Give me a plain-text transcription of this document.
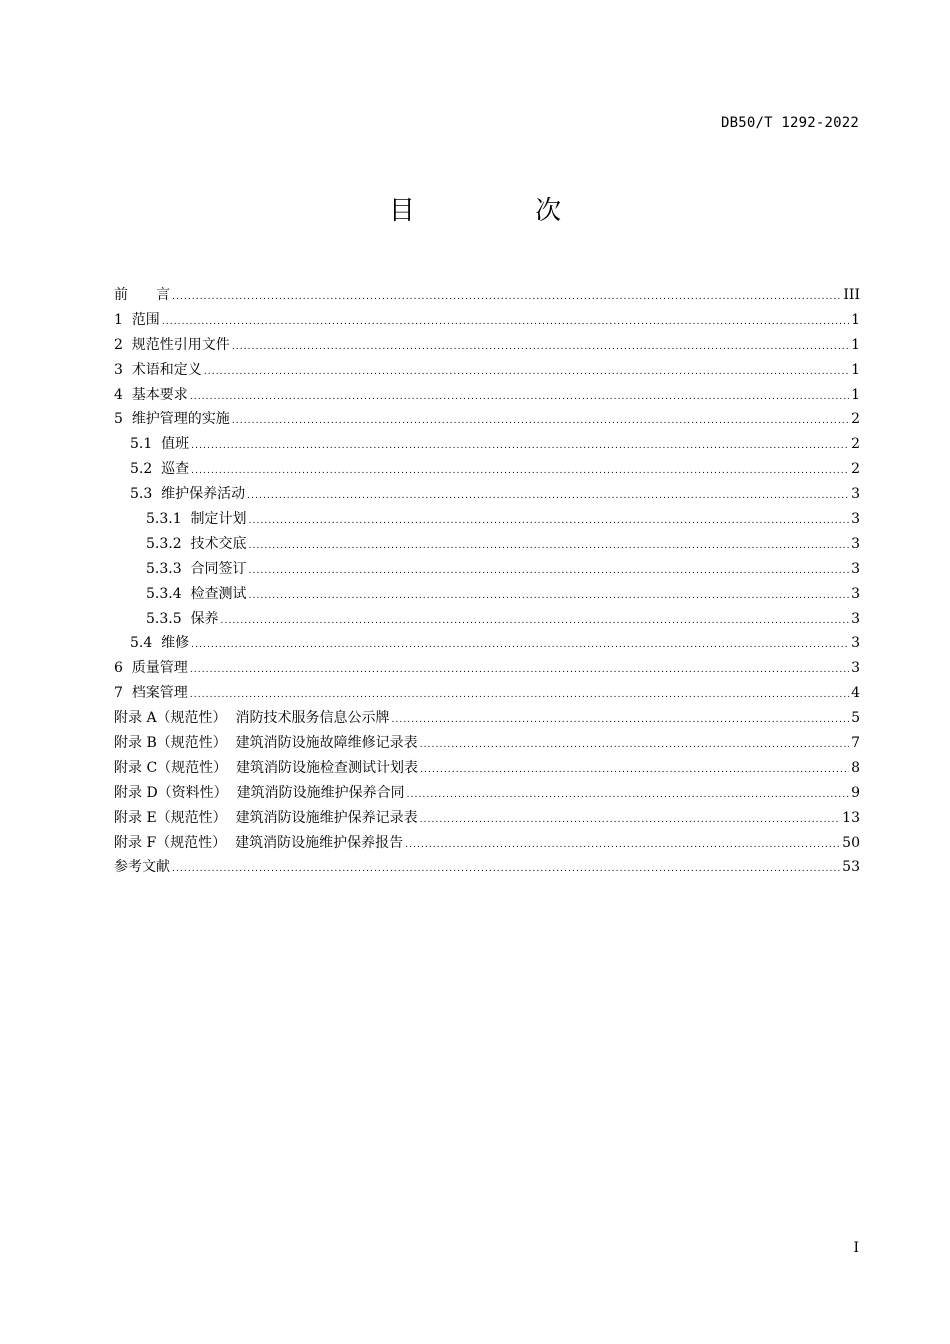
DB50/T 1292-2022
目 次
前　　言 .....	III
1  范围 .....	1
2  规范性引用文件 .....	1
3  术语和定义 .....	1
4  基本要求 .....	1
5  维护管理的实施 .....	2
5.1  值班 .....	2
5.2  巡查 .....	2
5.3  维护保养活动 .....	3
5.3.1  制定计划 .....	3
5.3.2  技术交底 .....	3
5.3.3  合同签订 .....	3
5.3.4  检查测试 .....	3
5.3.5  保养 .....	3
5.4  维修 .....	3
6  质量管理 .....	3
7  档案管理 .....	4
附录 A（规范性）  消防技术服务信息公示牌 .....	5
附录 B（规范性）  建筑消防设施故障维修记录表 .....	7
附录 C（规范性）  建筑消防设施检查测试计划表 .....	8
附录 D（资料性）  建筑消防设施维护保养合同 .....	9
附录 E（规范性）  建筑消防设施维护保养记录表 .....	13
附录 F（规范性）  建筑消防设施维护保养报告 .....	50
参考文献 .....	53
I
